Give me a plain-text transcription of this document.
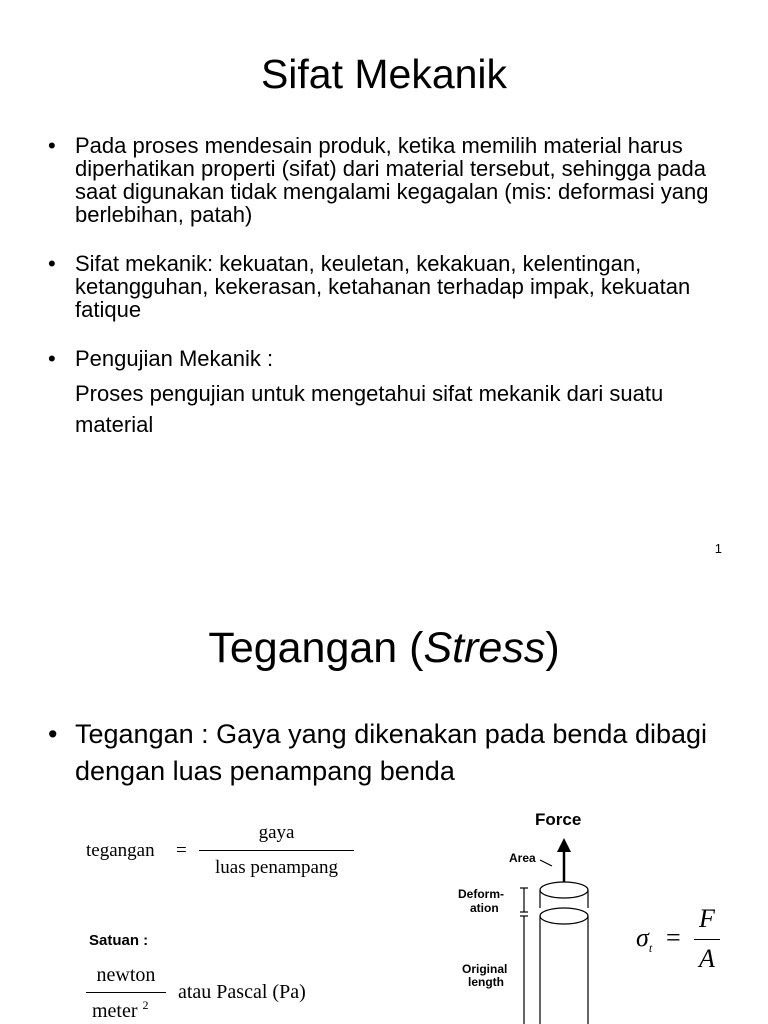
Sifat Mekanik
• Pada proses mendesain produk, ketika memilih material harus diperhatikan properti (sifat) dari material tersebut, sehingga pada saat digunakan tidak mengalami kegagalan (mis: deformasi yang berlebihan, patah)
• Sifat mekanik: kekuatan, keuletan, kekakuan, kelentingan, ketangguhan, kekerasan, ketahanan terhadap impak, kekuatan fatique
• Pengujian Mekanik :
Proses pengujian untuk mengetahui sifat mekanik dari suatu material
1
Tegangan (Stress)
• Tegangan : Gaya yang dikenakan pada benda dibagi dengan luas penampang benda
tegangan =
gaya
luas penampang
Satuan :
newton
meter $^2$
atau Pascal (Pa)
Force
Area
Deform-
ation
Original
length
$\sigma_t$ =
F
A
